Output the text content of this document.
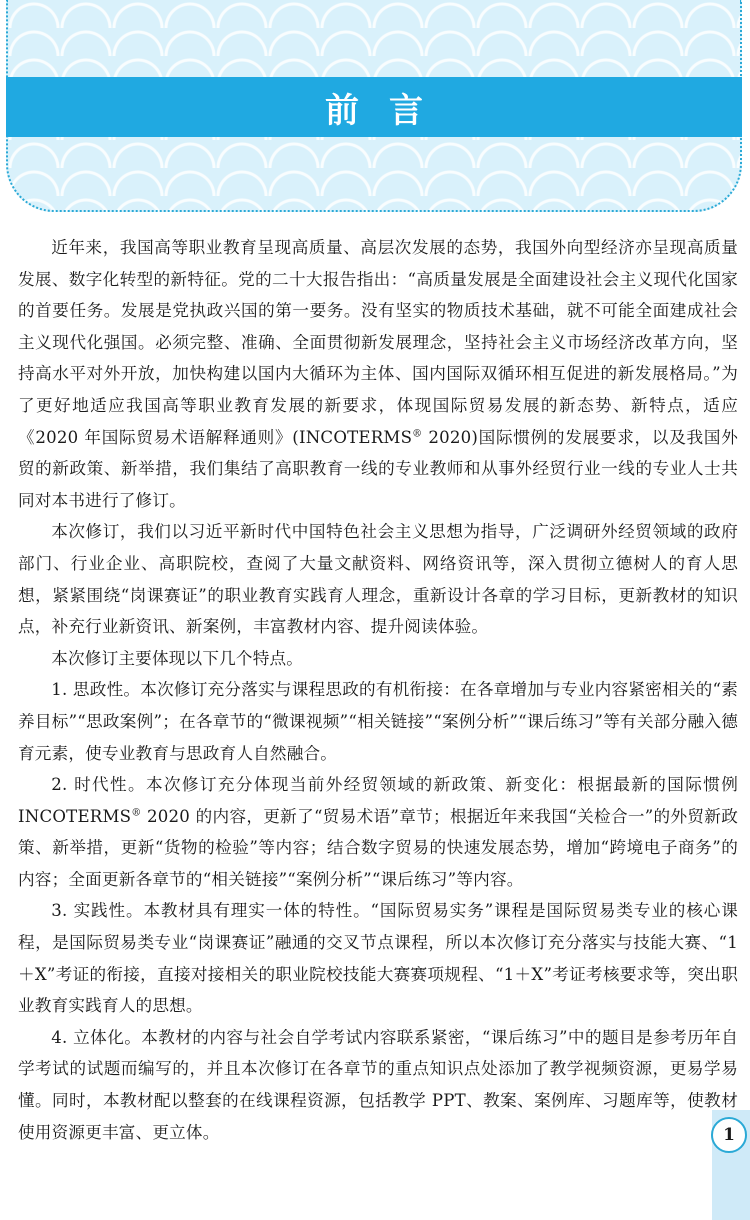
前言

近年来，我国高等职业教育呈现高质量、高层次发展的态势，我国外向型经济亦呈现高质量发展、数字化转型的新特征。党的二十大报告指出：“高质量发展是全面建设社会主义现代化国家的首要任务。发展是党执政兴国的第一要务。没有坚实的物质技术基础，就不可能全面建成社会主义现代化强国。必须完整、准确、全面贯彻新发展理念，坚持社会主义市场经济改革方向，坚持高水平对外开放，加快构建以国内大循环为主体、国内国际双循环相互促进的新发展格局。”为了更好地适应我国高等职业教育发展的新要求，体现国际贸易发展的新态势、新特点，适应《2020 年国际贸易术语解释通则》(INCOTERMS® 2020)国际惯例的发展要求，以及我国外贸的新政策、新举措，我们集结了高职教育一线的专业教师和从事外经贸行业一线的专业人士共同对本书进行了修订。

本次修订，我们以习近平新时代中国特色社会主义思想为指导，广泛调研外经贸领域的政府部门、行业企业、高职院校，查阅了大量文献资料、网络资讯等，深入贯彻立德树人的育人思想，紧紧围绕“岗课赛证”的职业教育实践育人理念，重新设计各章的学习目标，更新教材的知识点，补充行业新资讯、新案例，丰富教材内容、提升阅读体验。

本次修订主要体现以下几个特点。

1. 思政性。本次修订充分落实与课程思政的有机衔接：在各章增加与专业内容紧密相关的“素养目标”“思政案例”；在各章节的“微课视频”“相关链接”“案例分析”“课后练习”等有关部分融入德育元素，使专业教育与思政育人自然融合。

2. 时代性。本次修订充分体现当前外经贸领域的新政策、新变化：根据最新的国际惯例 INCOTERMS® 2020 的内容，更新了“贸易术语”章节；根据近年来我国“关检合一”的外贸新政策、新举措，更新“货物的检验”等内容；结合数字贸易的快速发展态势，增加“跨境电子商务”的内容；全面更新各章节的“相关链接”“案例分析”“课后练习”等内容。

3. 实践性。本教材具有理实一体的特性。“国际贸易实务”课程是国际贸易类专业的核心课程，是国际贸易类专业“岗课赛证”融通的交叉节点课程，所以本次修订充分落实与技能大赛、“1＋X”考证的衔接，直接对接相关的职业院校技能大赛赛项规程、“1＋X”考证考核要求等，突出职业教育实践育人的思想。

4. 立体化。本教材的内容与社会自学考试内容联系紧密，“课后练习”中的题目是参考历年自学考试的试题而编写的，并且本次修订在各章节的重点知识点处添加了教学视频资源，更易学易懂。同时，本教材配以整套的在线课程资源，包括教学 PPT、教案、案例库、习题库等，使教材使用资源更丰富、更立体。	1
